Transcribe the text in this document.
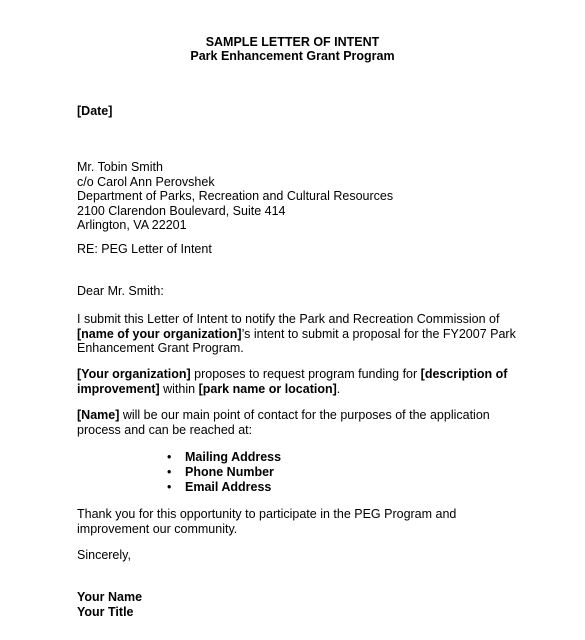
SAMPLE LETTER OF INTENT
Park Enhancement Grant Program
[Date]
Mr. Tobin Smith
c/o Carol Ann Perovshek
Department of Parks, Recreation and Cultural Resources
2100 Clarendon Boulevard, Suite 414
Arlington, VA 22201
RE: PEG Letter of Intent
Dear Mr. Smith:
I submit this Letter of Intent to notify the Park and Recreation Commission of
[name of your organization]’s intent to submit a proposal for the FY2007 Park
Enhancement Grant Program.
[Your organization] proposes to request program funding for [description of
improvement] within [park name or location].
[Name] will be our main point of contact for the purposes of the application
process and can be reached at:
• Mailing Address
• Phone Number
• Email Address
Thank you for this opportunity to participate in the PEG Program and
improvement our community.
Sincerely,
Your Name
Your Title
